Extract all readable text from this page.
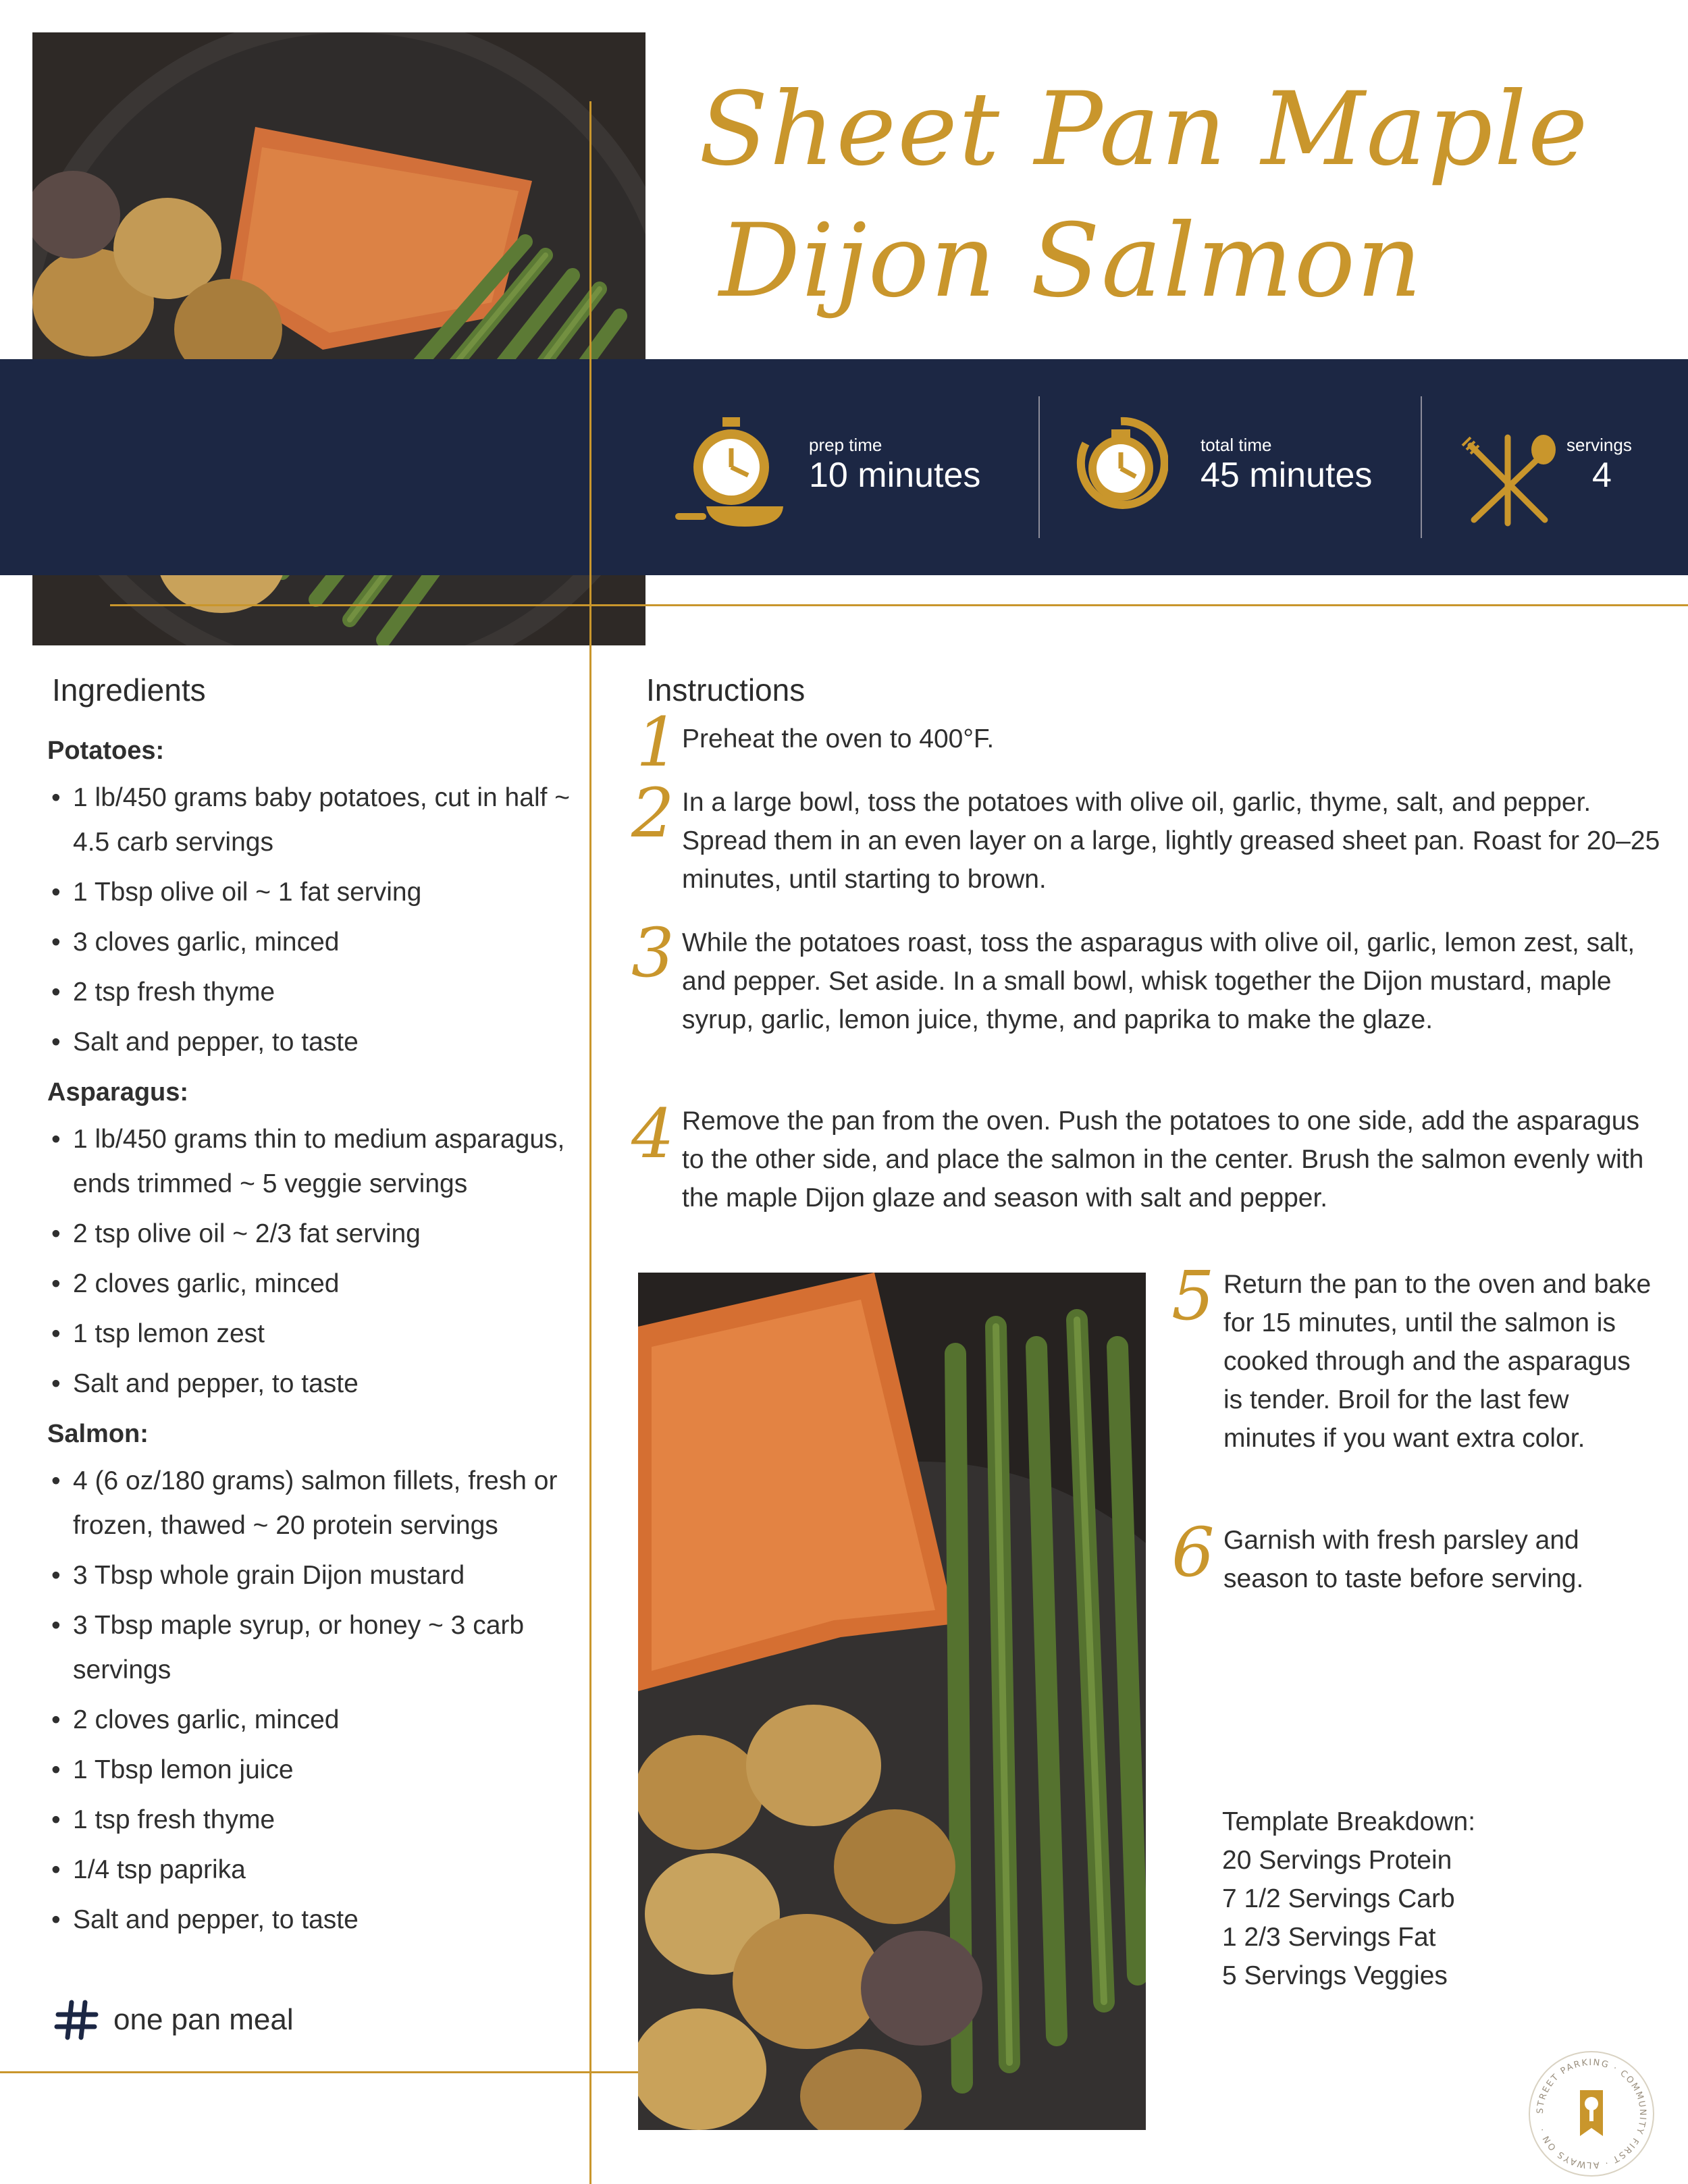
Sheet Pan Maple
Dijon Salmon
prep time
10 minutes
total time
45 minutes
servings
4
Ingredients
Potatoes:
• 1 lb/450 grams baby potatoes, cut in half ~ 4.5 carb servings
• 1 Tbsp olive oil ~ 1 fat serving
• 3 cloves garlic, minced
• 2 tsp fresh thyme
• Salt and pepper, to taste
Asparagus:
• 1 lb/450 grams thin to medium asparagus, ends trimmed ~ 5 veggie servings
• 2 tsp olive oil ~ 2/3 fat serving
• 2 cloves garlic, minced
• 1 tsp lemon zest
• Salt and pepper, to taste
Salmon:
• 4 (6 oz/180 grams) salmon fillets, fresh or frozen, thawed ~ 20 protein servings
• 3 Tbsp whole grain Dijon mustard
• 3 Tbsp maple syrup, or honey ~ 3 carb servings
• 2 cloves garlic, minced
• 1 Tbsp lemon juice
• 1 tsp fresh thyme
• 1/4 tsp paprika
• Salt and pepper, to taste
one pan meal
Instructions
1 Preheat the oven to 400°F.
2 In a large bowl, toss the potatoes with olive oil, garlic, thyme, salt, and pepper. Spread them in an even layer on a large, lightly greased sheet pan. Roast for 20–25 minutes, until starting to brown.
3 While the potatoes roast, toss the asparagus with olive oil, garlic, lemon zest, salt, and pepper. Set aside. In a small bowl, whisk together the Dijon mustard, maple syrup, garlic, lemon juice, thyme, and paprika to make the glaze.
4 Remove the pan from the oven. Push the potatoes to one side, add the asparagus to the other side, and place the salmon in the center. Brush the salmon evenly with the maple Dijon glaze and season with salt and pepper.
5 Return the pan to the oven and bake for 15 minutes, until the salmon is cooked through and the asparagus is tender. Broil for the last few minutes if you want extra color.
6 Garnish with fresh parsley and season to taste before serving.
Template Breakdown:
20 Servings Protein
7 1/2 Servings Carb
1 2/3 Servings Fat
5 Servings Veggies
STREET PARKING · COMMUNITY FIRST · ALWAYS ON ·
